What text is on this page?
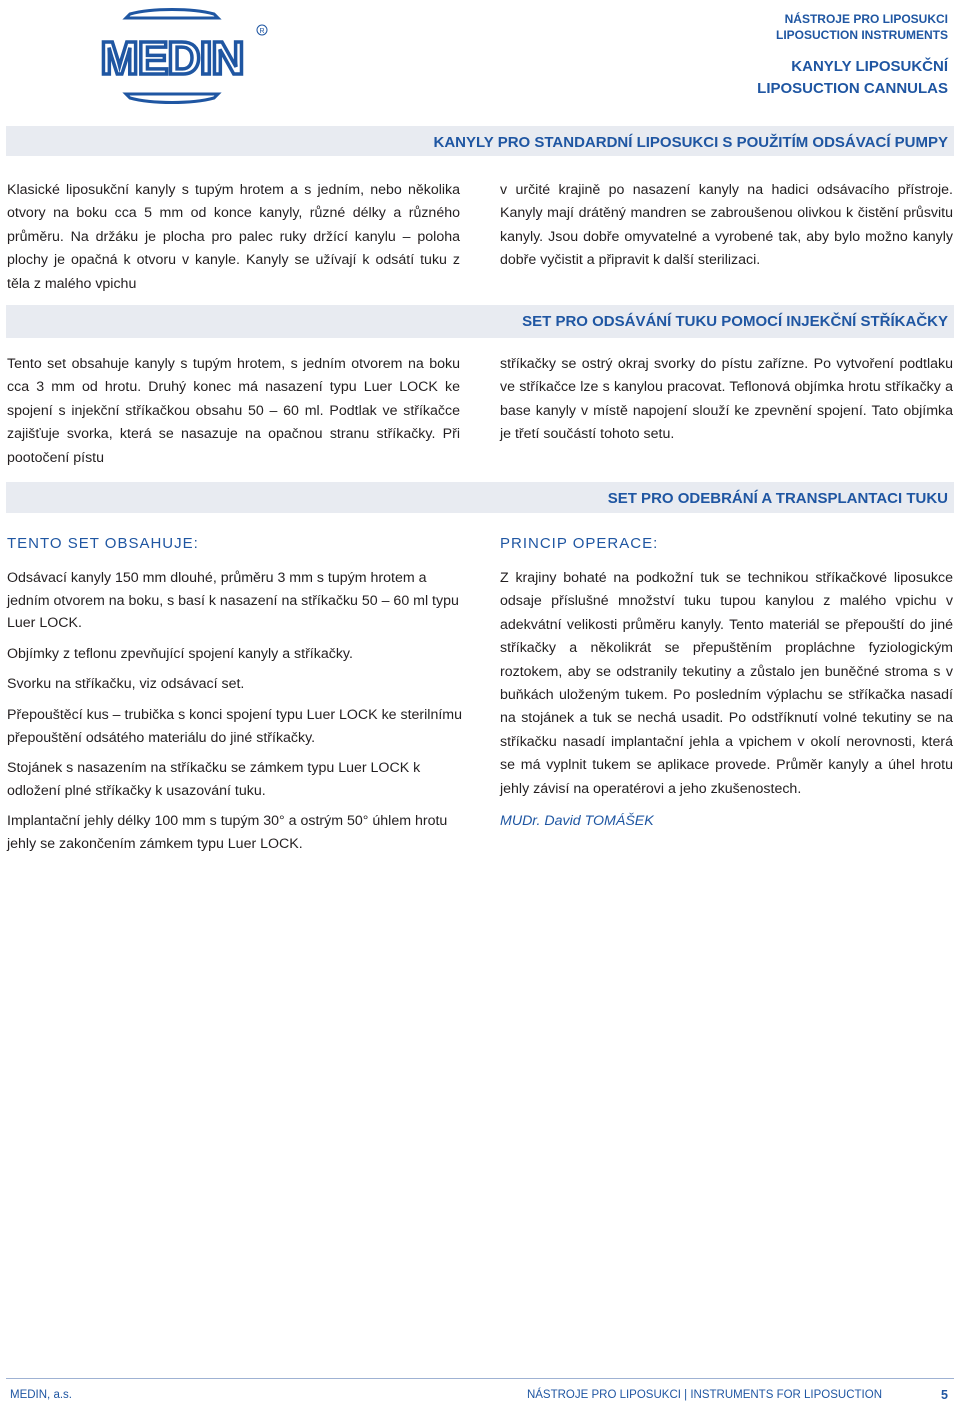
MEDIN
R
NÁSTROJE PRO LIPOSUKCI
LIPOSUCTION INSTRUMENTS
KANYLY LIPOSUKČNÍ
LIPOSUCTION CANNULAS
KANYLY PRO STANDARDNÍ LIPOSUKCI S POUŽITÍM ODSÁVACÍ PUMPY

Klasické liposukční kanyly s tupým hrotem a s jedním, nebo několika otvory na boku cca 5 mm od konce kanyly, různé délky a různého průměru. Na držáku je plocha pro palec ruky držící kanylu – poloha plochy je opačná k otvoru v kanyle. Kanyly se užívají k odsátí tuku z těla z malého vpichu

v určité krajině po nasazení kanyly na hadici odsávacího přístroje. Kanyly mají drátěný mandren se zabroušenou olivkou k čistění průsvitu kanyly. Jsou dobře omyvatelné a vyrobené tak, aby bylo možno kanyly dobře vyčistit a připravit k další sterilizaci.

SET PRO ODSÁVÁNÍ TUKU POMOCÍ INJEKČNÍ STŘÍKAČKY

Tento set obsahuje kanyly s tupým hrotem, s jedním otvorem na boku cca 3 mm od hrotu. Druhý konec má nasazení typu Luer LOCK ke spojení s injekční stříkačkou obsahu 50 – 60 ml. Podtlak ve stříkačce zajišťuje svorka, která se nasazuje na opačnou stranu stříkačky. Při pootočení pístu

stříkačky se ostrý okraj svorky do pístu zařízne. Po vytvoření podtlaku ve stříkačce lze s kanylou pracovat. Teflonová objímka hrotu stříkačky a base kanyly v místě napojení slouží ke zpevnění spojení. Tato objímka je třetí součástí tohoto setu.

SET PRO ODEBRÁNÍ A TRANSPLANTACI TUKU
TENTO SET OBSAHUJE:	PRINCIP OPERACE:

Odsávací kanyly 150 mm dlouhé, průměru 3 mm s tupým hrotem a jedním otvorem na boku, s basí k nasazení na stříkačku 50 – 60 ml typu Luer LOCK.

Objímky z teflonu zpevňující spojení kanyly a stříkačky.

Svorku na stříkačku, viz odsávací set.

Přepouštěcí kus – trubička s konci spojení typu Luer LOCK ke sterilnímu přepouštění odsátého materiálu do jiné stříkačky.

Stojánek s nasazením na stříkačku se zámkem typu Luer LOCK k odložení plné stříkačky k usazování tuku.

Implantační jehly délky 100 mm s tupým 30° a ostrým 50° úhlem hrotu jehly se zakončením zámkem typu Luer LOCK.

Z krajiny bohaté na podkožní tuk se technikou stříkačkové liposukce odsaje příslušné množství tuku tupou kanylou z malého vpichu v adekvátní velikosti průměru kanyly. Tento materiál se přepouští do jiné stříkačky a několikrát se přepuštěním propláchne fyziologickým roztokem, aby se odstranily tekutiny a zůstalo jen buněčné stroma s v buňkách uloženým tukem. Po posledním výplachu se stříkačka nasadí na stojánek a tuk se nechá usadit. Po odstříknutí volné tekutiny se na stříkačku nasadí implantační jehla a vpichem v okolí nerovnosti, která se má vyplnit tukem se aplikace provede. Průměr kanyly a úhel hrotu jehly závisí na operatérovi a jeho zkušenostech.

MUDr. David TOMÁŠEK
MEDIN, a.s.	NÁSTROJE PRO LIPOSUKCI | INSTRUMENTS FOR LIPOSUCTION	5
